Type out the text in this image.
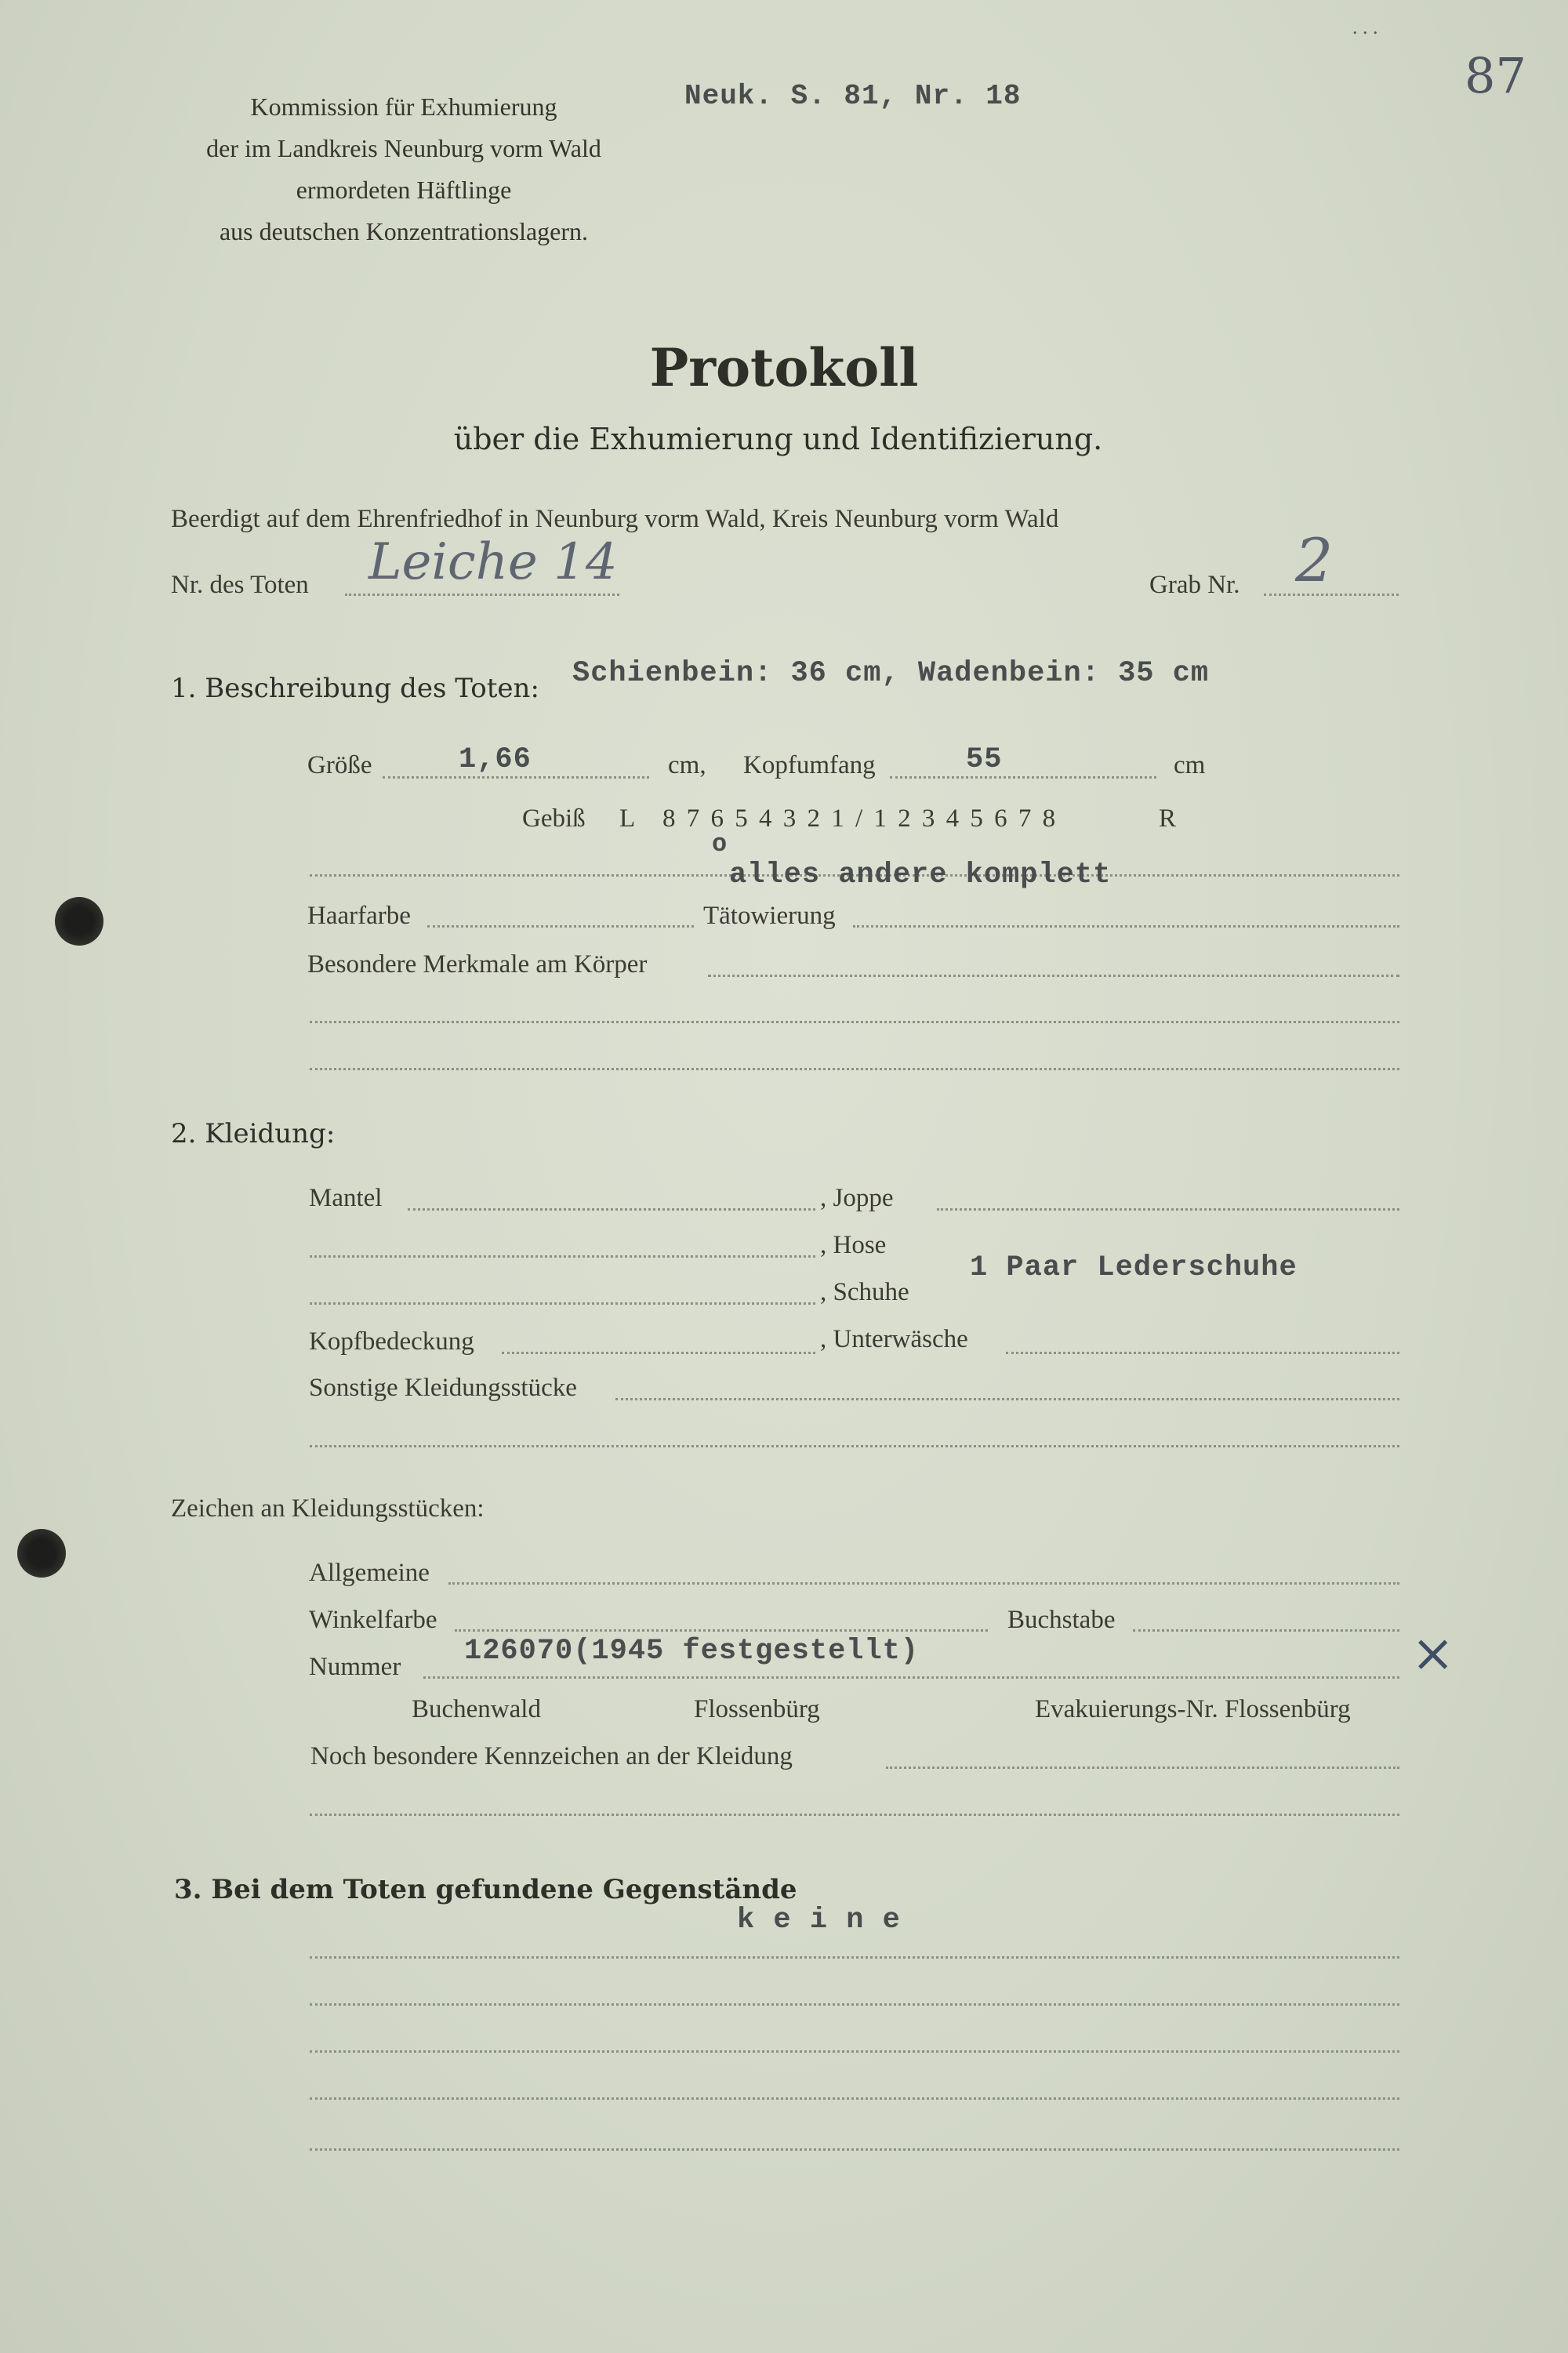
Kommission für Exhumierung
der im Landkreis Neunburg vorm Wald
ermordeten Häftlinge
aus deutschen Konzentrationslagern.
Neuk. S. 81, Nr. 18	87
. . .
Protokoll
über die Exhumierung und Identifizierung.
Beerdigt auf dem Ehrenfriedhof in Neunburg vorm Wald, Kreis Neunburg vorm Wald
Nr. des Toten Leiche 14	Grab Nr. 2
1. Beschreibung des Toten: Schienbein: 36 cm, Wadenbein: 35 cm
Größe	1,66	cm, Kopfumfang	55	cm
Gebiß L 8 7 6 5 4 3 2 1 / 1 2 3 4 5 6 7 8	R
o
alles andere komplett
Haarfarbe	Tätowierung
Besondere Merkmale am Körper
2. Kleidung:
Mantel	, Joppe
, Hose
, Schuhe
1 Paar Lederschuhe
Kopfbedeckung	, Unterwäsche
Sonstige Kleidungsstücke
Zeichen an Kleidungsstücken:
Allgemeine
Winkelfarbe	Buchstabe
Nummer 126070(1945 festgestellt)	×
Buchenwald	Flossenbürg	Evakuierungs-Nr. Flossenbürg
Noch besondere Kennzeichen an der Kleidung
3. Bei dem Toten gefundene Gegenstände
k e i n e
